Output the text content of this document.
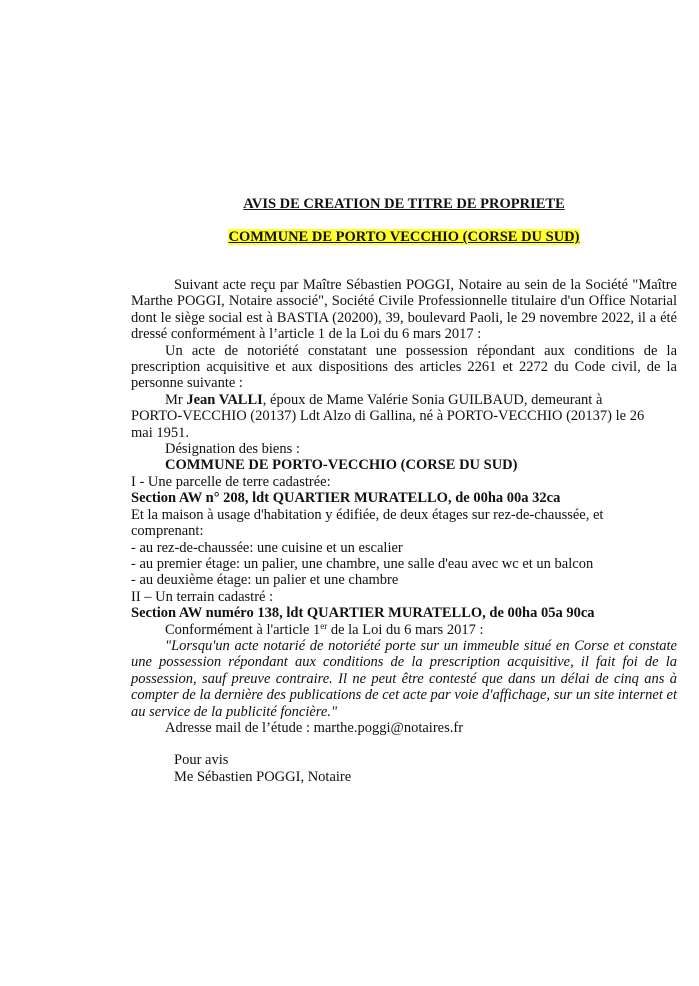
AVIS DE CREATION DE TITRE DE PROPRIETE

COMMUNE DE PORTO VECCHIO (CORSE DU SUD)

Suivant acte reçu par Maître Sébastien POGGI, Notaire au sein de la Société "Maître Marthe POGGI, Notaire associé", Société Civile Professionnelle titulaire d'un Office Notarial dont le siège social est à BASTIA (20200), 39, boulevard Paoli, le 29 novembre 2022, il a été dressé conformément à l’article 1 de la Loi du 6 mars 2017 :

Un acte de notoriété constatant une possession répondant aux conditions de la prescription acquisitive et aux dispositions des articles 2261 et 2272 du Code civil, de la personne suivante :

Mr Jean VALLI, époux de Mame Valérie Sonia GUILBAUD, demeurant à

PORTO-VECCHIO (20137) Ldt Alzo di Gallina, né à PORTO-VECCHIO (20137) le 26

mai 1951.

Désignation des biens :

COMMUNE DE PORTO-VECCHIO (CORSE DU SUD)

I - Une parcelle de terre cadastrée:

Section AW n° 208, ldt QUARTIER MURATELLO, de 00ha 00a 32ca

Et la maison à usage d'habitation y édifiée, de deux étages sur rez-de-chaussée, et

comprenant:

- au rez-de-chaussée: une cuisine et un escalier

- au premier étage: un palier, une chambre, une salle d'eau avec wc et un balcon

- au deuxième étage: un palier et une chambre

II – Un terrain cadastré :

Section AW numéro 138, ldt QUARTIER MURATELLO, de 00ha 05a 90ca

Conformément à l'article 1er de la Loi du 6 mars 2017 :

"Lorsqu'un acte notarié de notoriété porte sur un immeuble situé en Corse et constate une possession répondant aux conditions de la prescription acquisitive, il fait foi de la possession, sauf preuve contraire. Il ne peut être contesté que dans un délai de cinq ans à compter de la dernière des publications de cet acte par voie d'affichage, sur un site internet et au service de la publicité foncière."

Adresse mail de l’étude : marthe.poggi@notaires.fr

Pour avis

Me Sébastien POGGI, Notaire
